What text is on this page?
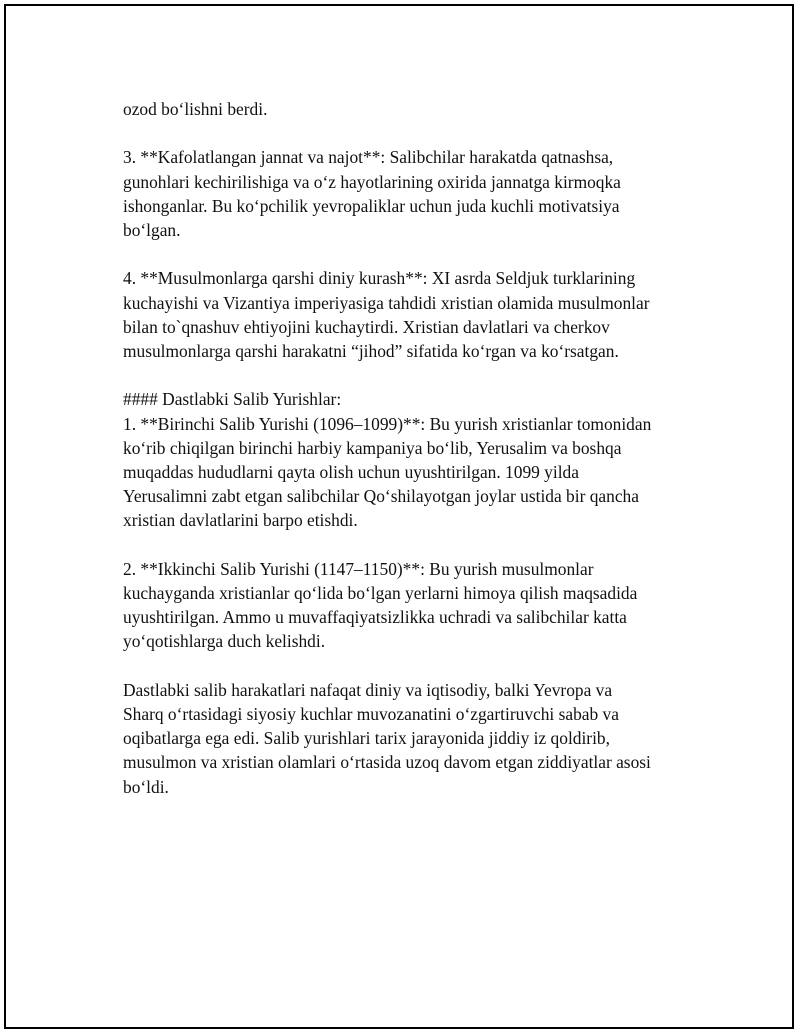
ozod bo‘lishni berdi.
3. **Kafolatlangan jannat va najot**: Salibchilar harakatda qatnashsa,
gunohlari kechirilishiga va o‘z hayotlarining oxirida jannatga kirmoqka
ishonganlar. Bu ko‘pchilik yevropaliklar uchun juda kuchli motivatsiya
bo‘lgan.
4. **Musulmonlarga qarshi diniy kurash**: XI asrda Seldjuk turklarining
kuchayishi va Vizantiya imperiyasiga tahdidi xristian olamida musulmonlar
bilan to`qnashuv ehtiyojini kuchaytirdi. Xristian davlatlari va cherkov
musulmonlarga qarshi harakatni “jihod” sifatida ko‘rgan va ko‘rsatgan.
#### Dastlabki Salib Yurishlar:
1. **Birinchi Salib Yurishi (1096–1099)**: Bu yurish xristianlar tomonidan
ko‘rib chiqilgan birinchi harbiy kampaniya bo‘lib, Yerusalim va boshqa
muqaddas hududlarni qayta olish uchun uyushtirilgan. 1099 yilda
Yerusalimni zabt etgan salibchilar Qo‘shilayotgan joylar ustida bir qancha
xristian davlatlarini barpo etishdi.
2. **Ikkinchi Salib Yurishi (1147–1150)**: Bu yurish musulmonlar
kuchayganda xristianlar qo‘lida bo‘lgan yerlarni himoya qilish maqsadida
uyushtirilgan. Ammo u muvaffaqiyatsizlikka uchradi va salibchilar katta
yo‘qotishlarga duch kelishdi.
Dastlabki salib harakatlari nafaqat diniy va iqtisodiy, balki Yevropa va
Sharq o‘rtasidagi siyosiy kuchlar muvozanatini o‘zgartiruvchi sabab va
oqibatlarga ega edi. Salib yurishlari tarix jarayonida jiddiy iz qoldirib,
musulmon va xristian olamlari o‘rtasida uzoq davom etgan ziddiyatlar asosi
bo‘ldi.
